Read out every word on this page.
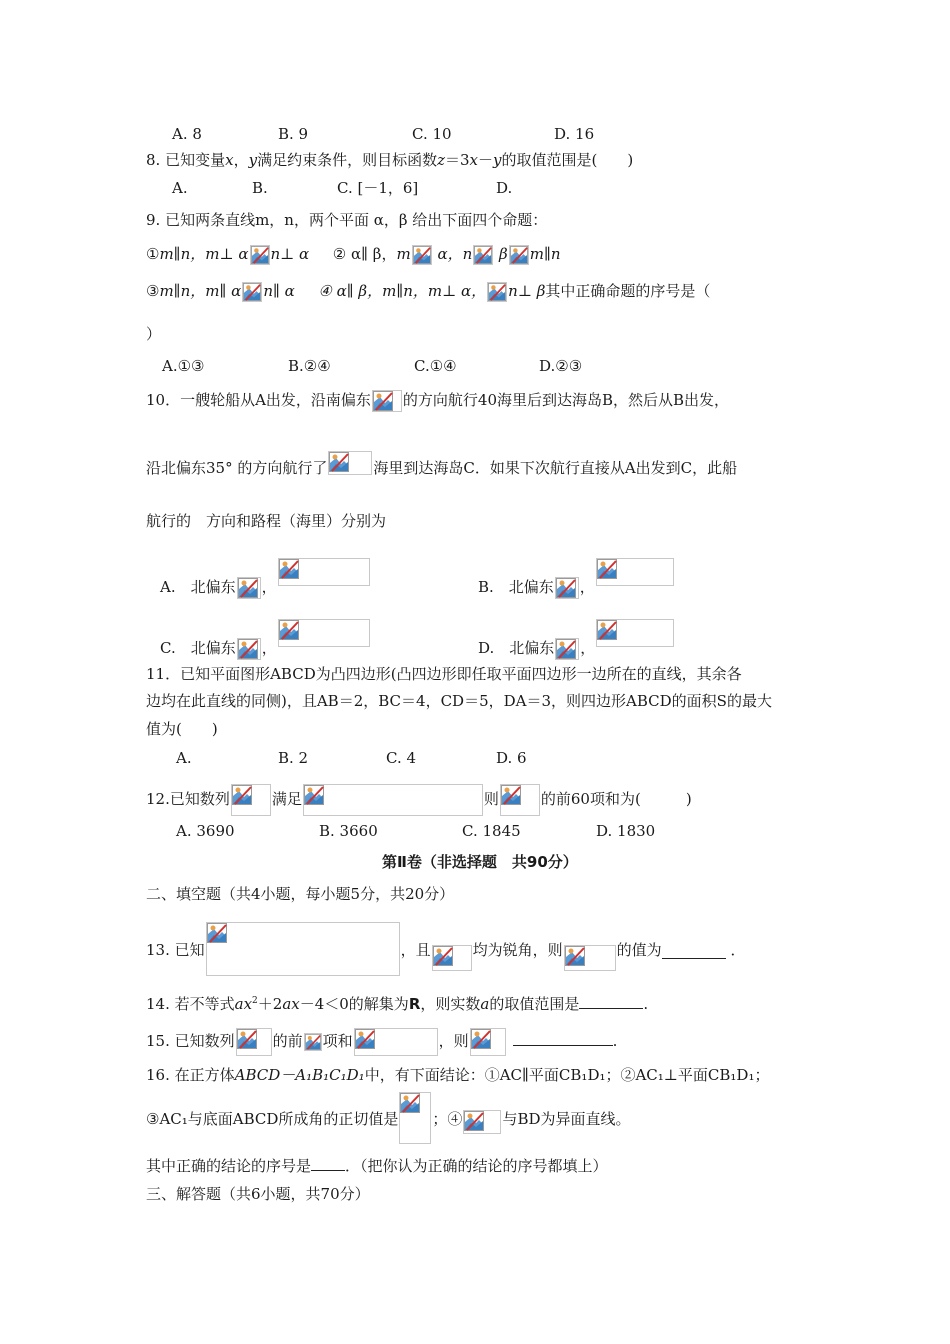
A. 8	B. 9	C. 10	D. 16
8. 已知变量x，y满足约束条件，则目标函数z＝3x－y的取值范围是(　　)
A.	B.	C. [－1，6]	D.
9. 已知两条直线m，n，两个平面 α，β 给出下面四个命题：
①m∥n，m⊥ α n⊥ α ② α∥ β，m
α，n
β m∥n
③m∥n，m∥ α n∥ α ④ α∥ β，m∥n，m⊥ α， n⊥ β其中正确命题的序号是（
）
A.①③	B.②④	C.①④	D.②③
10．一艘轮船从A出发，沿南偏东 的方向航行40海里后到达海岛B，然后从B出发，
沿北偏东35° 的方向航行了	海里到达海岛C．如果下次航行直接从A出发到C，此船
航行的　方向和路程（海里）分别为
A.　北偏东 ，	B.　北偏东 ，
C.　北偏东 ，	D.　北偏东 ，
11．已知平面图形ABCD为凸四边形(凸四边形即任取平面四边形一边所在的直线，其余各
边均在此直线的同侧)，且AB＝2，BC＝4，CD＝5，DA＝3，则四边形ABCD的面积S的最大
值为(　　)
A.	B. 2	C. 4	D. 6
12.已知数列	满足	则	的前60项和为(　　　)
A. 3690	B. 3660	C. 1845	D. 1830
第Ⅱ卷（非选择题　共90分）
二、填空题（共4小题，每小题5分，共20分）
13. 已知	，且	均为锐角，则	的值为	．
14. 若不等式$ax^2+2ax-4<0$的解集为R，则实数a的取值范围是	.
15. 已知数列	的前 项和	，则	.
16. 在正方体ABCD－A₁B₁C₁D₁中，有下面结论：①AC∥平面CB₁D₁；②AC₁⊥平面CB₁D₁；
③AC₁与底面ABCD所成角的正切值是 ；④	与BD为异面直线。
其中正确的结论的序号是 ．（把你认为正确的结论的序号都填上）
三、解答题（共6小题，共70分）
